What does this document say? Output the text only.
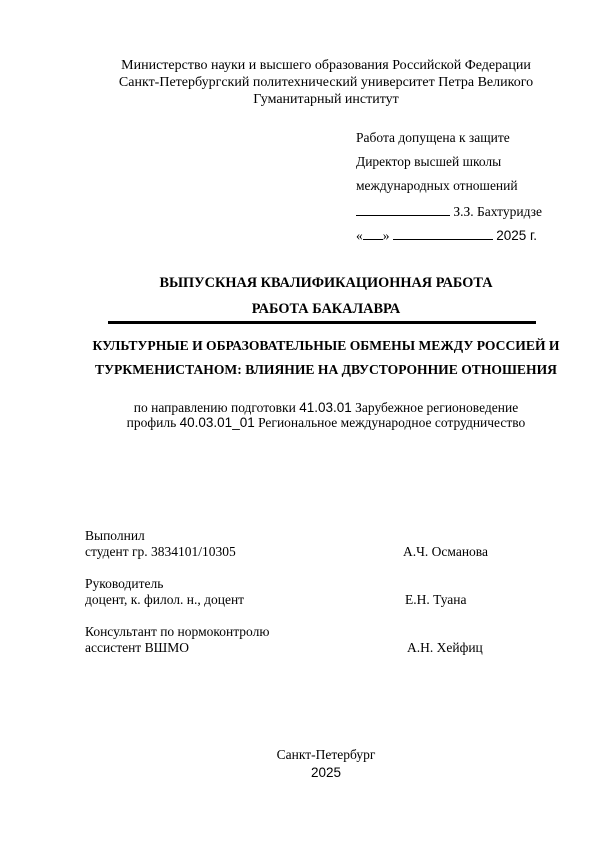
Министерство науки и высшего образования Российской Федерации
Санкт-Петербургский политехнический университет Петра Великого
Гуманитарный институт
Работа допущена к защите
Директор высшей школы
международных отношений
З.З. Бахтуридзе
« »	2025 г.
ВЫПУСКНАЯ КВАЛИФИКАЦИОННАЯ РАБОТА
РАБОТА БАКАЛАВРА
КУЛЬТУРНЫЕ И ОБРАЗОВАТЕЛЬНЫЕ ОБМЕНЫ МЕЖДУ РОССИЕЙ И
ТУРКМЕНИСТАНОМ: ВЛИЯНИЕ НА ДВУСТОРОННИЕ ОТНОШЕНИЯ
по направлению подготовки 41.03.01 Зарубежное регионоведение
профиль 40.03.01_01 Региональное международное сотрудничество
Выполнил
студент гр. 3834101/10305	А.Ч. Османова
Руководитель
доцент, к. филол. н., доцент	Е.Н. Туана
Консультант по нормоконтролю
ассистент ВШМО	А.Н. Хейфиц
Санкт-Петербург
2025
